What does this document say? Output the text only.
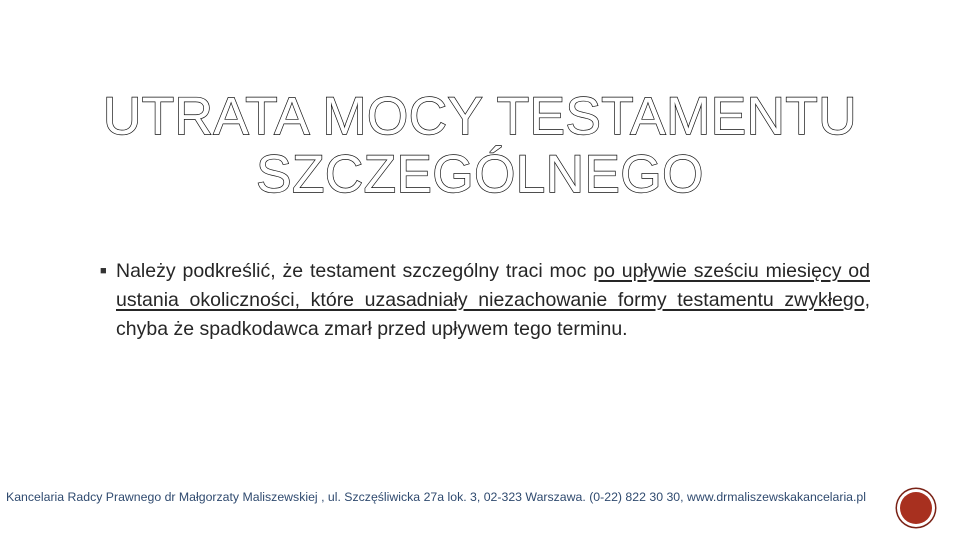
UTRATA MOCY TESTAMENTU
SZCZEGÓLNEGO

■ Należy podkreślić, że testament szczególny traci moc po upływie sześciu miesięcy od ustania okoliczności, które uzasadniały niezachowanie formy testamentu zwykłego, chyba że spadkodawca zmarł przed upływem tego terminu.

Kancelaria Radcy Prawnego dr Małgorzaty Maliszewskiej , ul. Szczęśliwicka 27a lok. 3, 02-323 Warszawa. (0-22) 822 30 30, www.drmaliszewskakancelaria.pl
